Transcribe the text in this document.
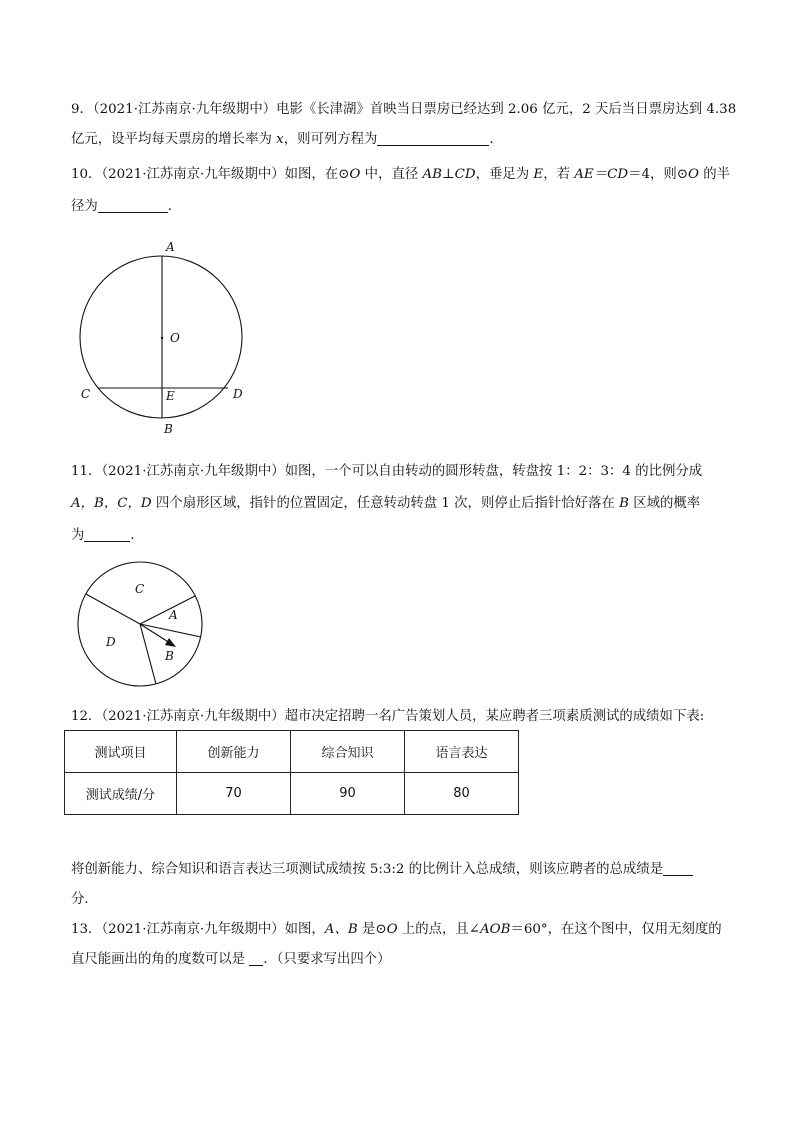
9．（2021·江苏南京·九年级期中）电影《长津湖》首映当日票房已经达到 2.06 亿元，2 天后当日票房达到 4.38
亿元，设平均每天票房的增长率为 x，则可列方程为	．
10．（2021·江苏南京·九年级期中）如图，在⊙O 中，直径 AB⊥CD，垂足为 E，若 AE＝CD＝4，则⊙O 的半
径为	．
A
O
C	E	D
B
11．（2021·江苏南京·九年级期中）如图，一个可以自由转动的圆形转盘，转盘按 1：2：3：4 的比例分成
A，B，C，D 四个扇形区域，指针的位置固定，任意转动转盘 1 次，则停止后指针恰好落在 B 区域的概率
为	．
C
A
D
B
12．（2021·江苏南京·九年级期中）超市决定招聘一名广告策划人员，某应聘者三项素质测试的成绩如下表:
测试项目	创新能力	综合知识	语言表达
测试成绩/分	70	90	80
将创新能力、综合知识和语言表达三项测试成绩按 5:3:2 的比例计入总成绩，则该应聘者的总成绩是
分．
13．（2021·江苏南京·九年级期中）如图，A、B 是⊙O 上的点，且∠AOB＝60°，在这个图中，仅用无刻度的
直尺能画出的角的度数可以是 ．（只要求写出四个）
